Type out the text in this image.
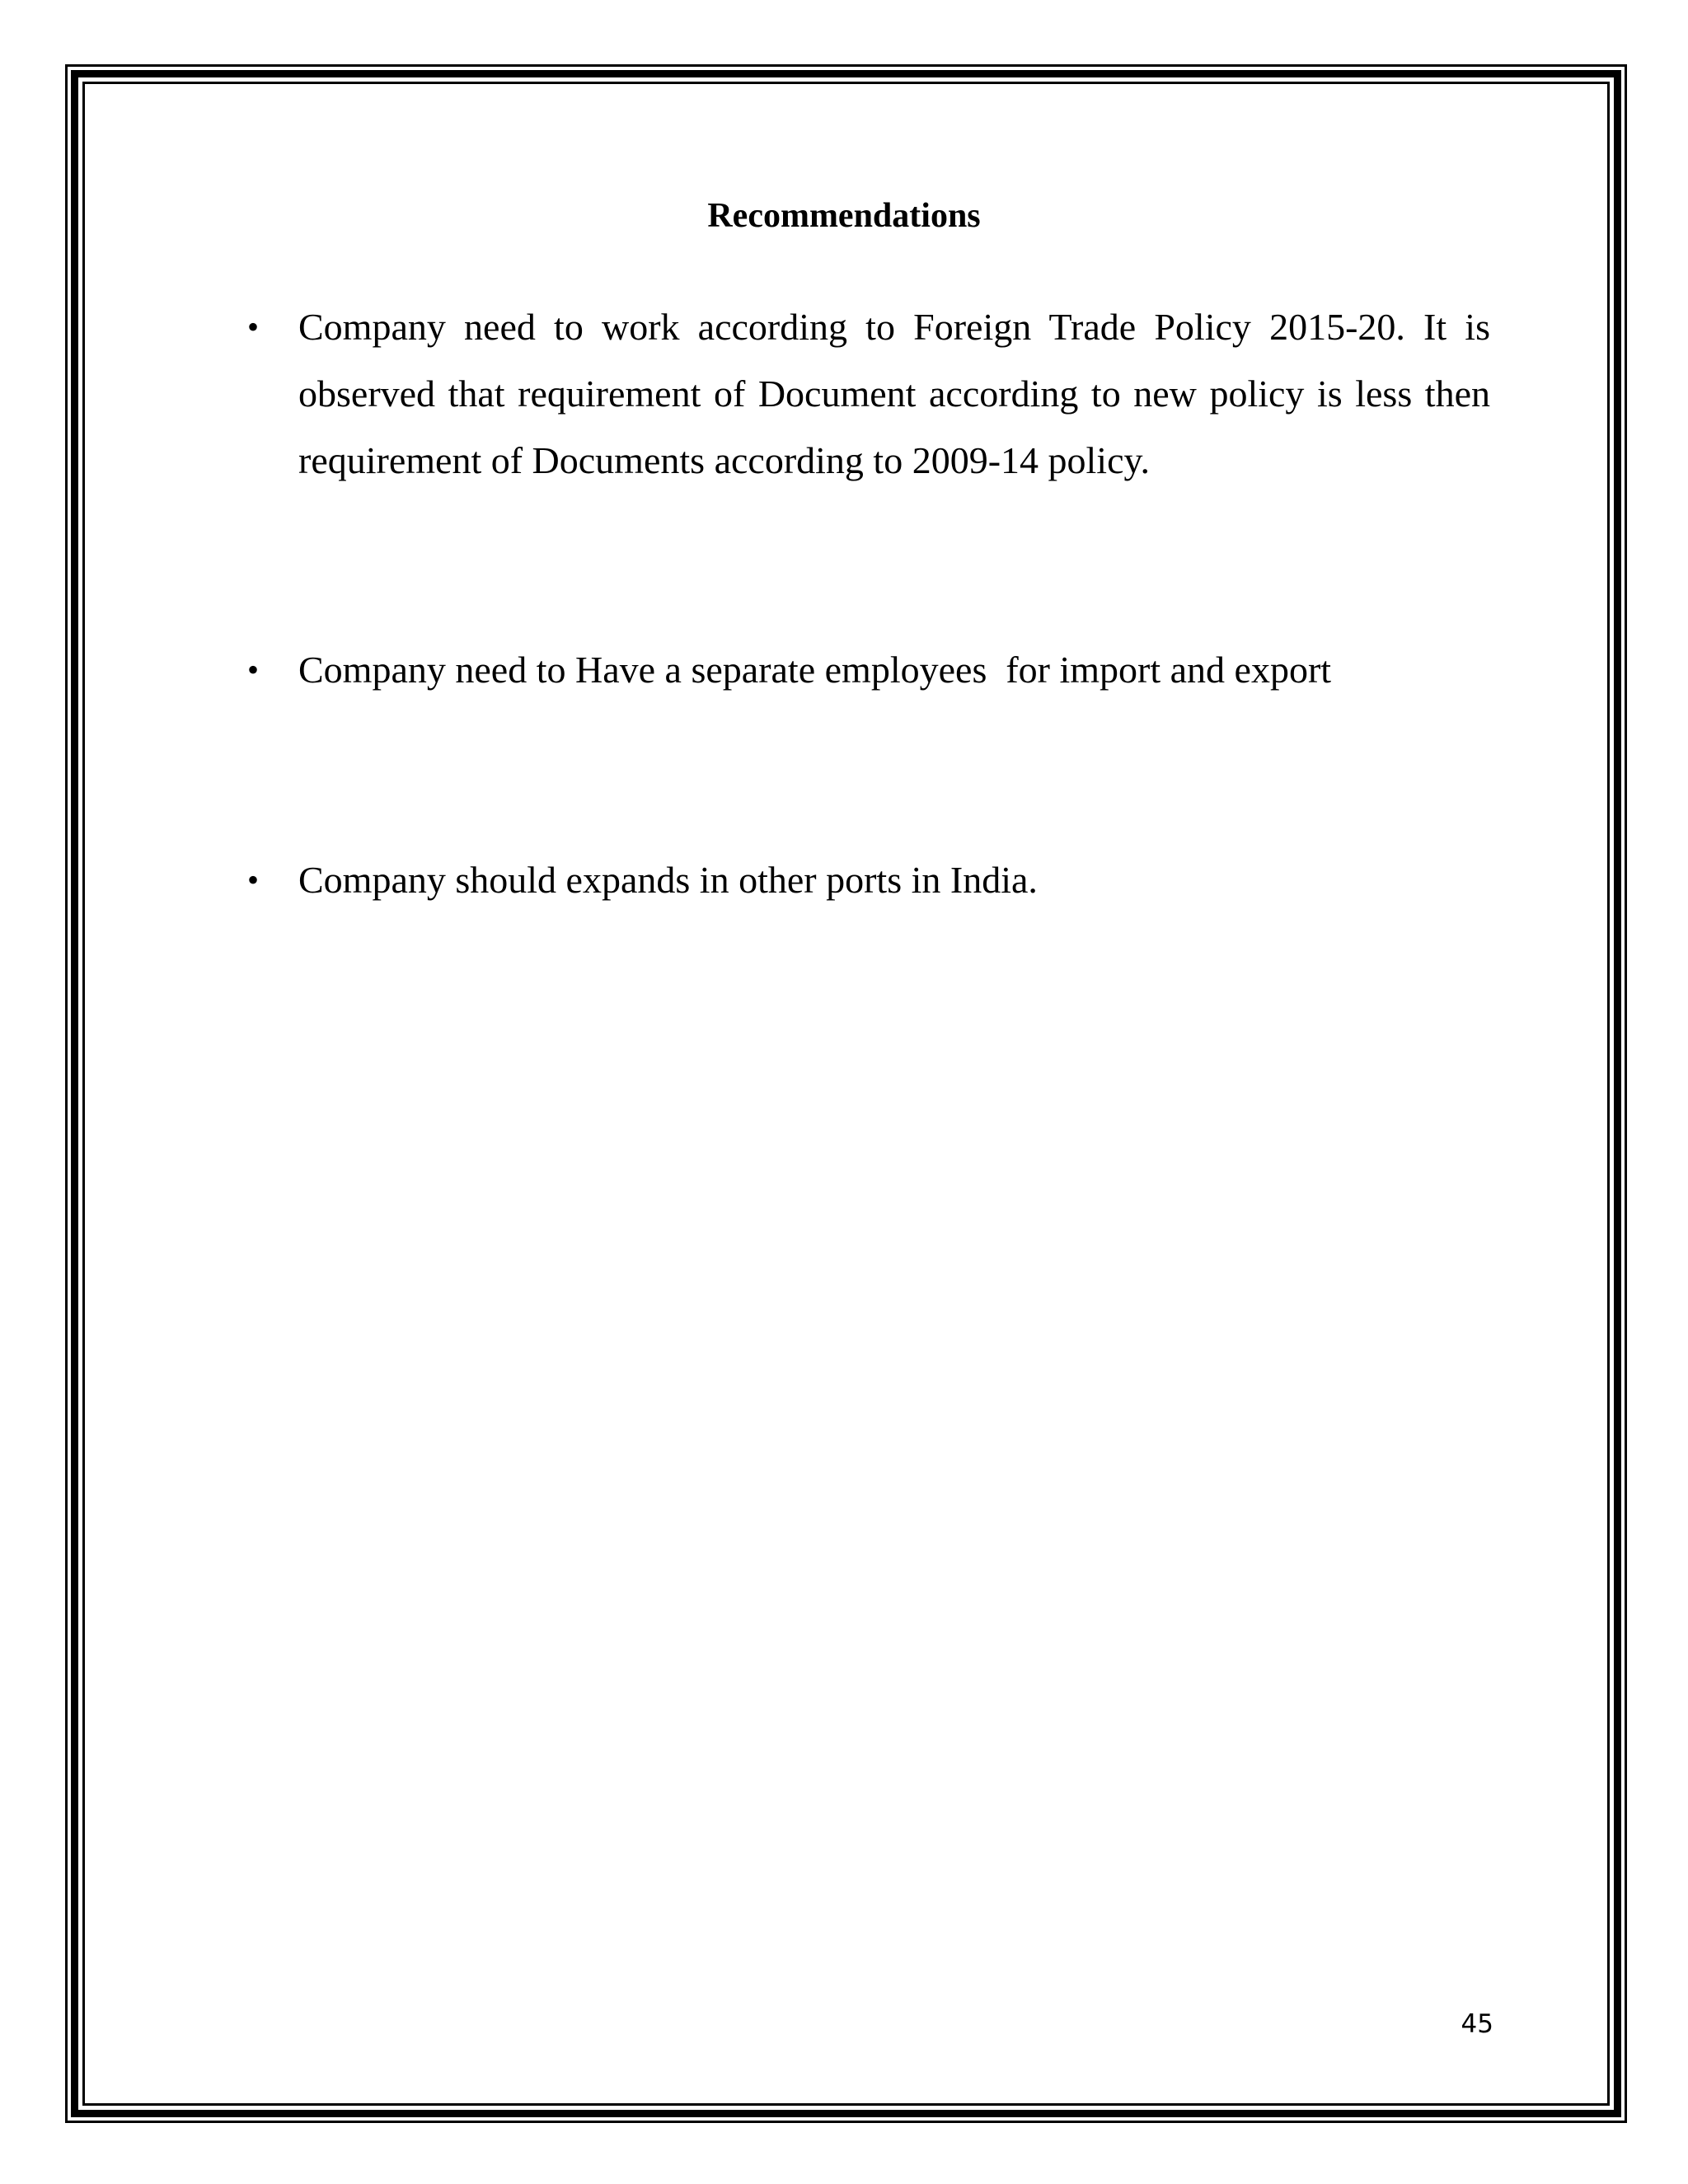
Recommendations
•	Company need to work according to Foreign Trade Policy 2015-20. It is observed that requirement of Document according to new policy is less then requirement of Documents according to 2009-14 policy.
•	Company need to Have a separate employees  for import and export
•	Company should expands in other ports in India.
45
